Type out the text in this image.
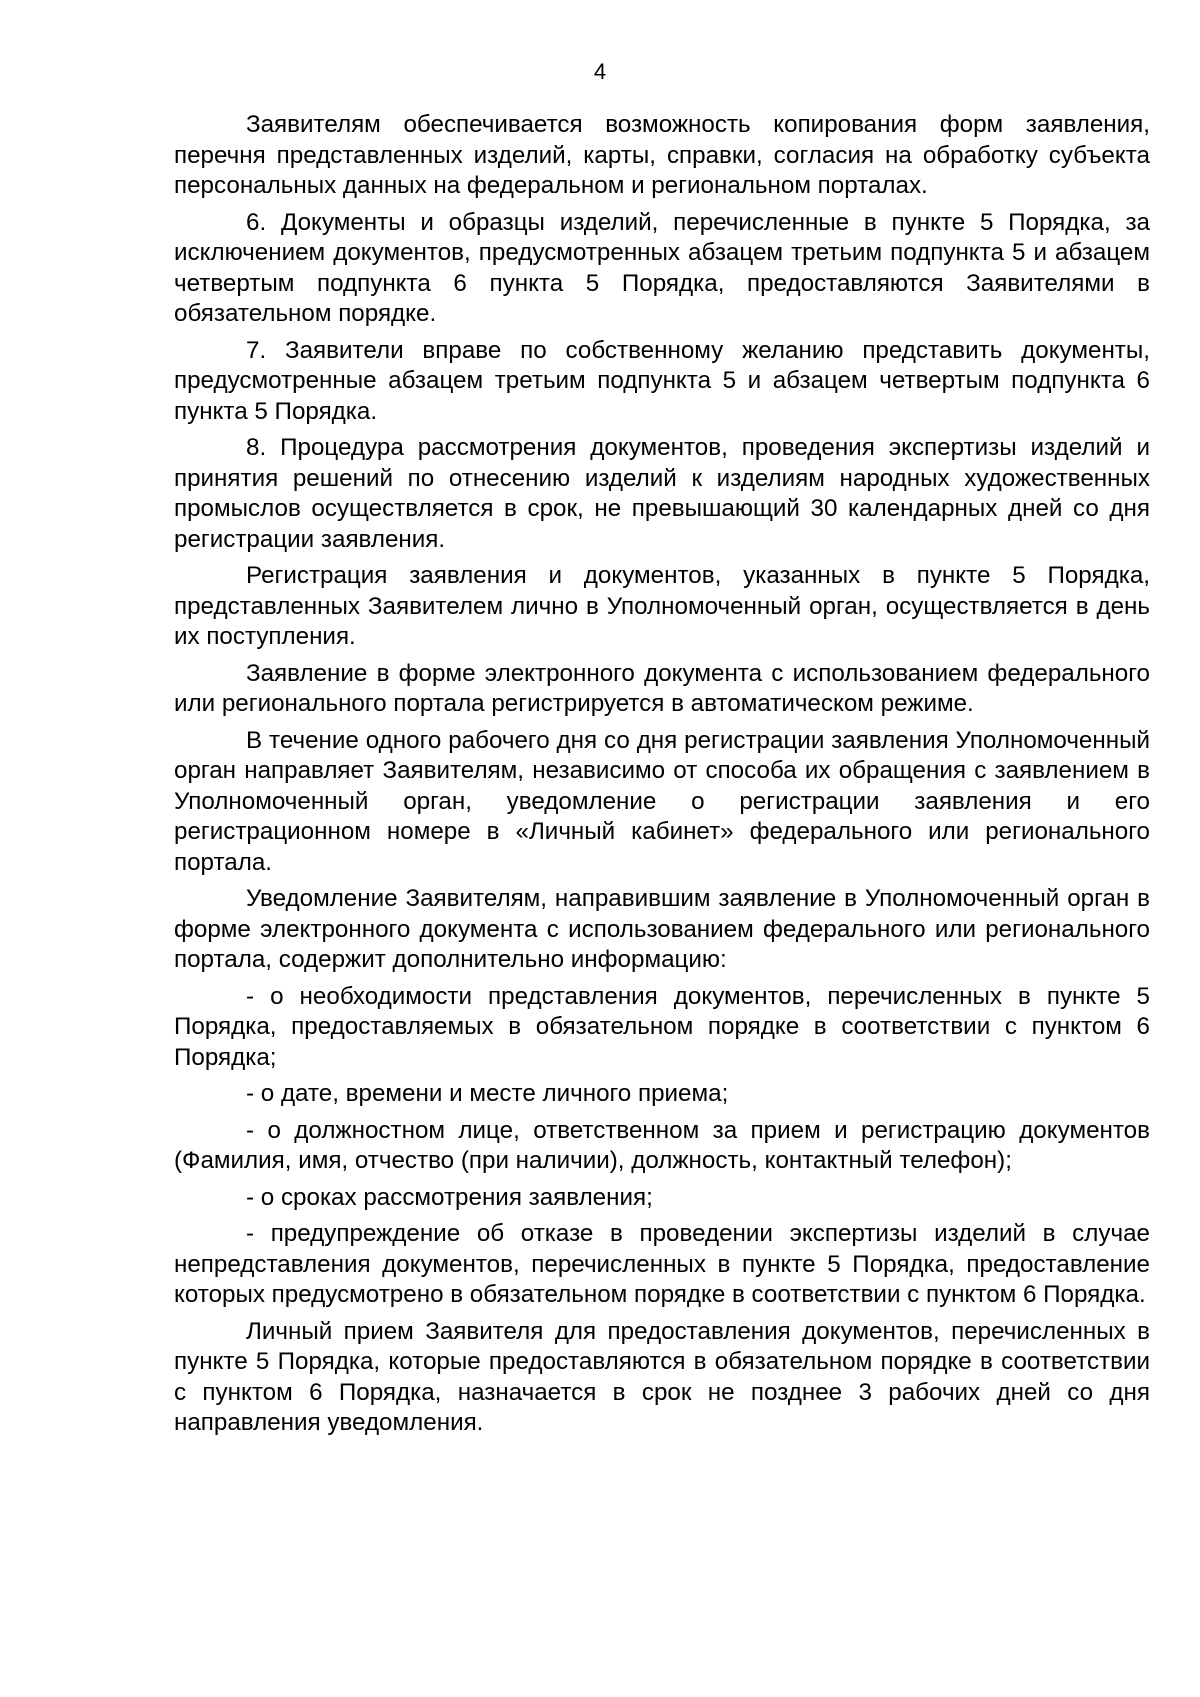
4

Заявителям обеспечивается возможность копирования форм заявления, перечня представленных изделий, карты, справки, согласия на обработку субъекта персональных данных на федеральном и региональном порталах.

6. Документы и образцы изделий, перечисленные в пункте 5 Порядка, за исключением документов, предусмотренных абзацем третьим подпункта 5 и абзацем четвертым подпункта 6 пункта 5 Порядка, предоставляются Заявителями в обязательном порядке.

7. Заявители вправе по собственному желанию представить документы, предусмотренные абзацем третьим подпункта 5 и абзацем четвертым подпункта 6 пункта 5 Порядка.

8. Процедура рассмотрения документов, проведения экспертизы изделий и принятия решений по отнесению изделий к изделиям народных художественных промыслов осуществляется в срок, не превышающий 30 календарных дней со дня регистрации заявления.

Регистрация заявления и документов, указанных в пункте 5 Порядка, представленных Заявителем лично в Уполномоченный орган, осуществляется в день их поступления.

Заявление в форме электронного документа с использованием федерального или регионального портала регистрируется в автоматическом режиме.

В течение одного рабочего дня со дня регистрации заявления Уполномоченный орган направляет Заявителям, независимо от способа их обращения с заявлением в Уполномоченный орган, уведомление о регистрации заявления и его регистрационном номере в «Личный кабинет» федерального или регионального портала.

Уведомление Заявителям, направившим заявление в Уполномоченный орган в форме электронного документа с использованием федерального или регионального портала, содержит дополнительно информацию:

- о необходимости представления документов, перечисленных в пункте 5 Порядка, предоставляемых в обязательном порядке в соответствии с пунктом 6 Порядка;

- о дате, времени и месте личного приема;

- о должностном лице, ответственном за прием и регистрацию документов (Фамилия, имя, отчество (при наличии), должность, контактный телефон);

- о сроках рассмотрения заявления;

- предупреждение об отказе в проведении экспертизы изделий в случае непредставления документов, перечисленных в пункте 5 Порядка, предоставление которых предусмотрено в обязательном порядке в соответствии с пунктом 6 Порядка.

Личный прием Заявителя для предоставления документов, перечисленных в пункте 5 Порядка, которые предоставляются в обязательном порядке в соответствии с пунктом 6 Порядка, назначается в срок не позднее 3 рабочих дней со дня направления уведомления.
